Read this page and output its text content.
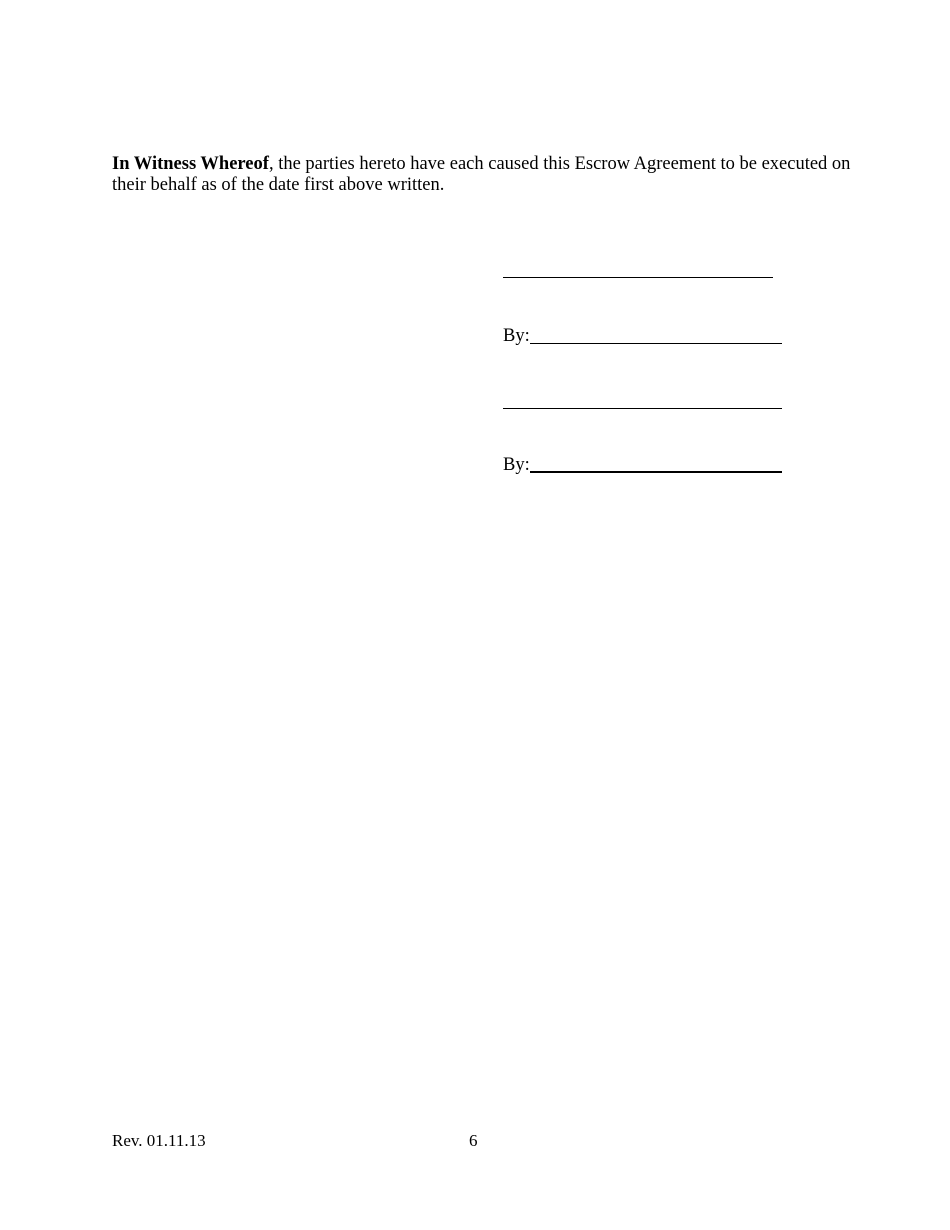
In Witness Whereof, the parties hereto have each caused this Escrow Agreement to be executed on their behalf as of the date first above written.

By:
By:
Rev. 01.11.13	6
